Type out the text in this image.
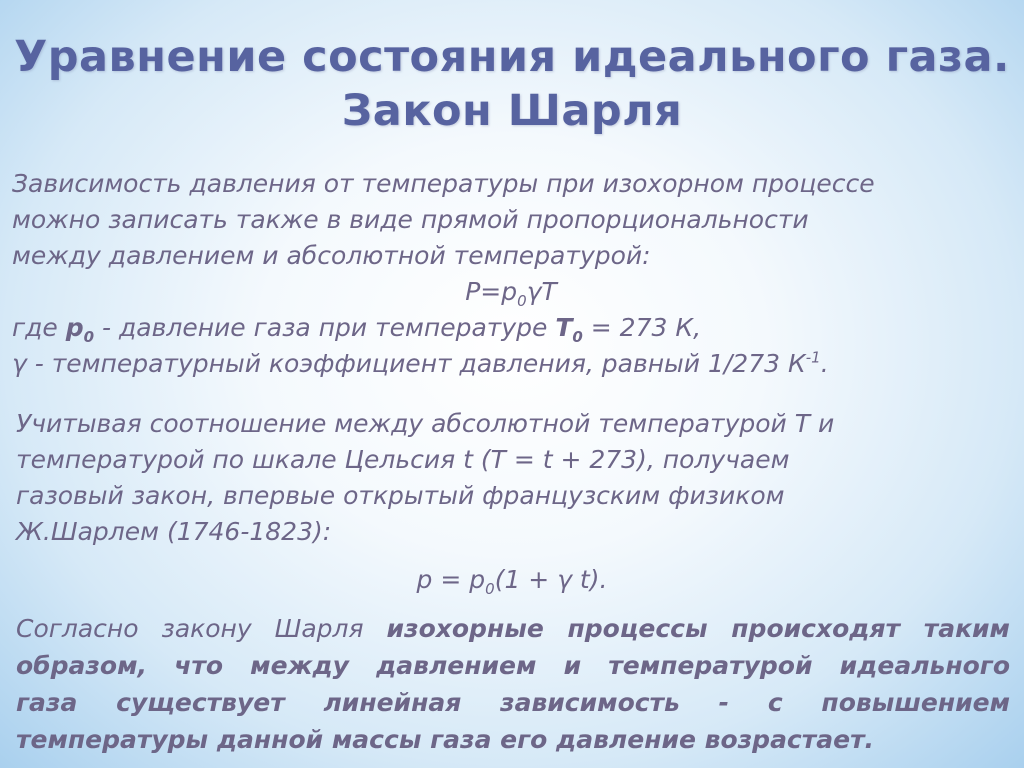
Уравнение состояния идеального газа.
Закон Шарля
Зависимость давления от температуры при изохорном процессе
можно записать также в виде прямой пропорциональности
между давлением и абсолютной температурой:
$P=p_0\gamma T$
где $p_0$ - давление газа при температуре $T_0 = 273$ К,
γ - температурный коэффициент давления, равный 1/273 $К^{-1}$.
Учитывая соотношение между абсолютной температурой Т и
температурой по шкале Цельсия t (Т = t + 273), получаем
газовый закон, впервые открытый французским физиком
Ж.Шарлем (1746-1823):
$p = p_0(1 + \gamma$ t).
Согласно закону Шарля изохорные процессы происходят таким
образом, что между давлением и температурой идеального
газа существует линейная зависимость - с повышением
температуры данной массы газа его давление возрастает.
